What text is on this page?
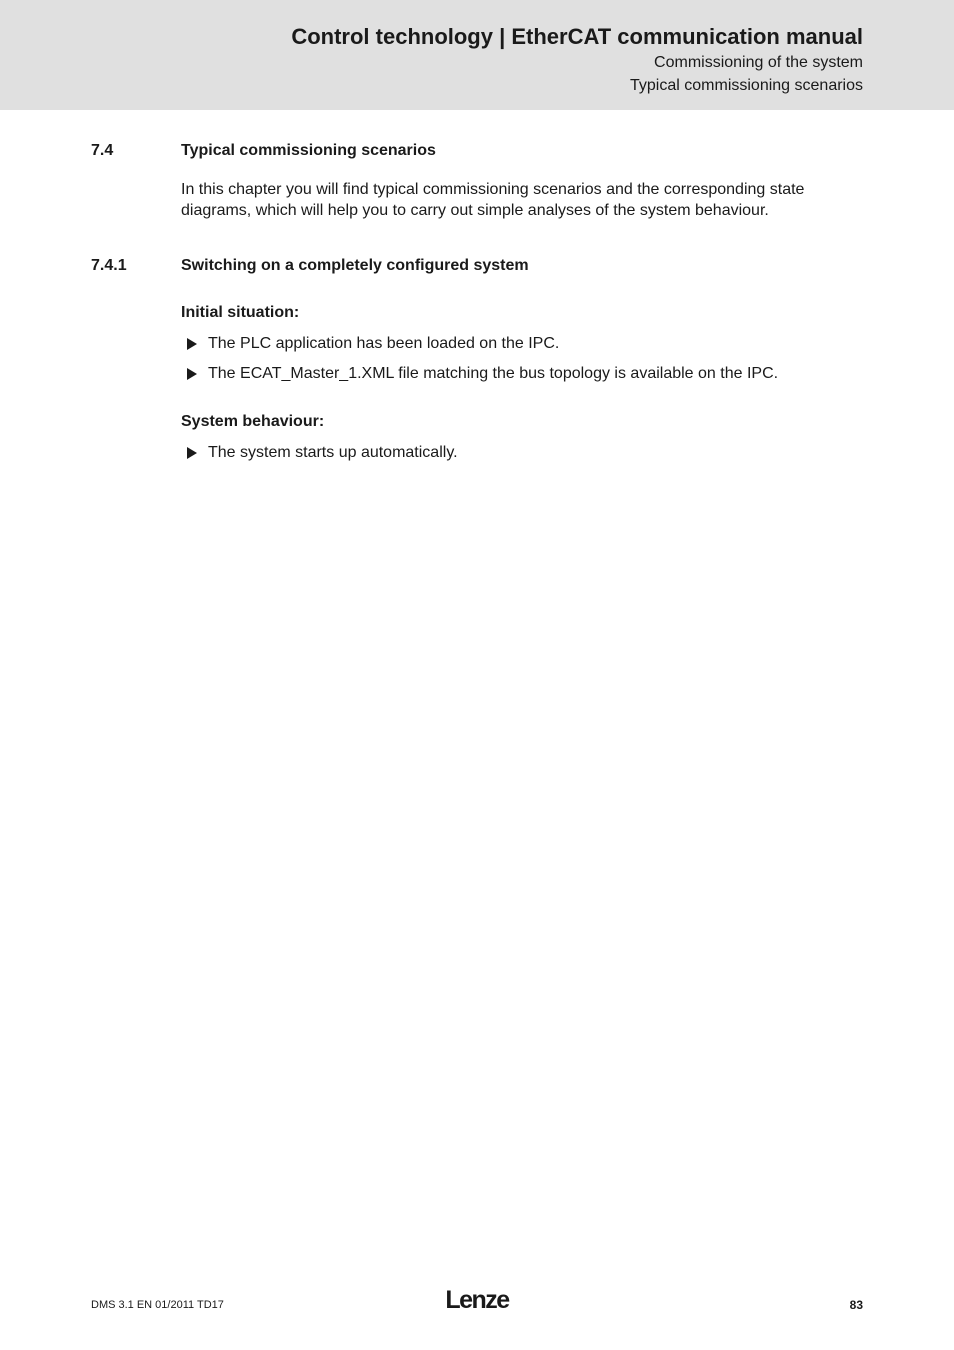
Control technology | EtherCAT communication manual
Commissioning of the system
Typical commissioning scenarios
7.4	Typical commissioning scenarios
In this chapter you will find typical commissioning scenarios and the corresponding state diagrams, which will help you to carry out simple analyses of the system behaviour.
7.4.1	Switching on a completely configured system
Initial situation:
The PLC application has been loaded on the IPC.
The ECAT_Master_1.XML file matching the bus topology is available on the IPC.
System behaviour:
The system starts up automatically.
DMS 3.1 EN 01/2011 TD17	Lenze	83
